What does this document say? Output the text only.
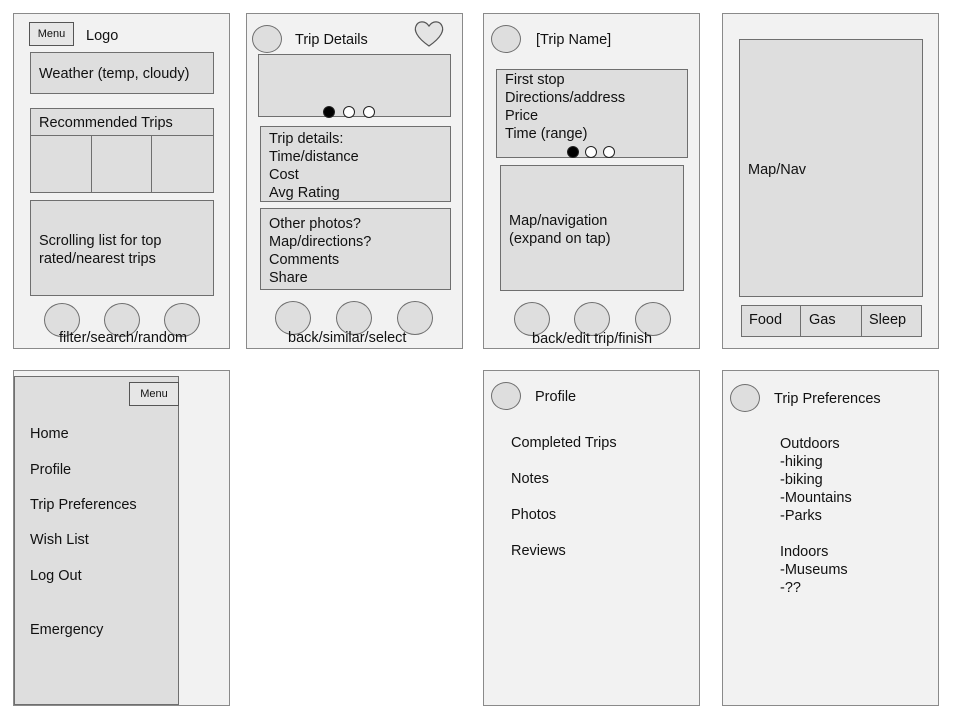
Menu	Logo
Weather (temp, cloudy)
Recommended Trips
Scrolling list for top
rated/nearest trips
filter/search/random
Trip Details
Trip details:
Time/distance
Cost
Avg Rating
Other photos?
Map/directions?
Comments
Share
back/similar/select
[Trip Name]
First stop
Directions/address
Price
Time (range)
Map/navigation
(expand on tap)
back/edit trip/finish
Map/Nav
Food Gas Sleep
Menu
Home
Profile
Trip Preferences
Wish List
Log Out
Emergency
Profile
Completed Trips
Notes
Photos
Reviews
Trip Preferences
Outdoors
-hiking
-biking
-Mountains
-Parks

Indoors
-Museums
-??
